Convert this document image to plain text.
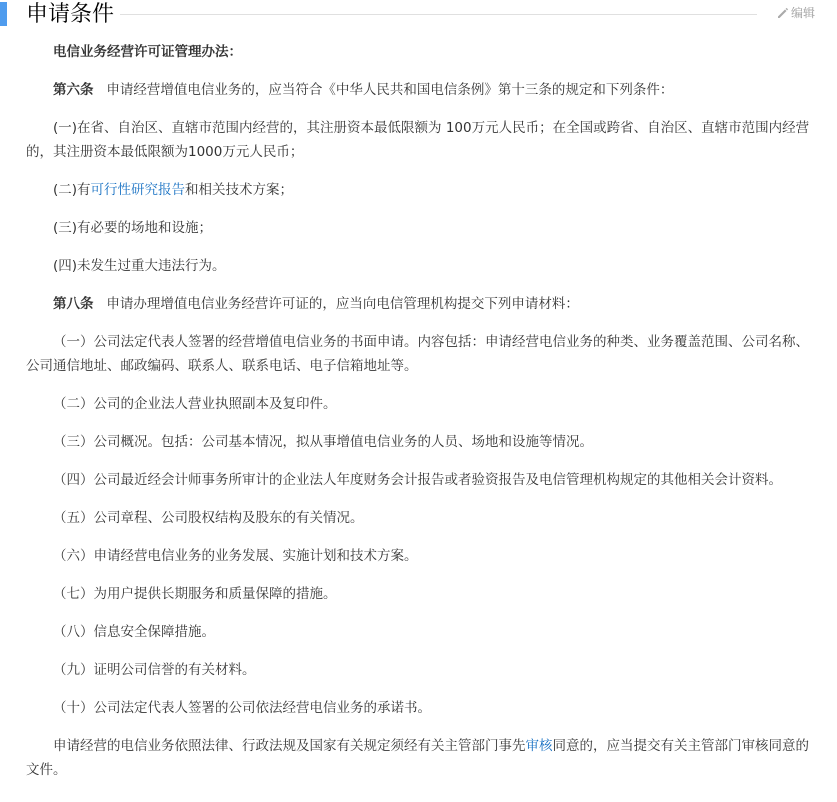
申请条件	编辑

电信业务经营许可证管理办法：

第六条 申请经营增值电信业务的，应当符合《中华人民共和国电信条例》第十三条的规定和下列条件：

(一)在省、自治区、直辖市范围内经营的，其注册资本最低限额为 100万元人民币；在全国或跨省、自治区、直辖市范围内经营的，其注册资本最低限额为1000万元人民币；

(二)有可行性研究报告和相关技术方案；

(三)有必要的场地和设施；

(四)未发生过重大违法行为。

第八条 申请办理增值电信业务经营许可证的，应当向电信管理机构提交下列申请材料：

（一）公司法定代表人签署的经营增值电信业务的书面申请。内容包括：申请经营电信业务的种类、业务覆盖范围、公司名称、公司通信地址、邮政编码、联系人、联系电话、电子信箱地址等。

（二）公司的企业法人营业执照副本及复印件。

（三）公司概况。包括：公司基本情况，拟从事增值电信业务的人员、场地和设施等情况。

（四）公司最近经会计师事务所审计的企业法人年度财务会计报告或者验资报告及电信管理机构规定的其他相关会计资料。

（五）公司章程、公司股权结构及股东的有关情况。

（六）申请经营电信业务的业务发展、实施计划和技术方案。

（七）为用户提供长期服务和质量保障的措施。

（八）信息安全保障措施。

（九）证明公司信誉的有关材料。

（十）公司法定代表人签署的公司依法经营电信业务的承诺书。

申请经营的电信业务依照法律、行政法规及国家有关规定须经有关主管部门事先审核同意的，应当提交有关主管部门审核同意的文件。
